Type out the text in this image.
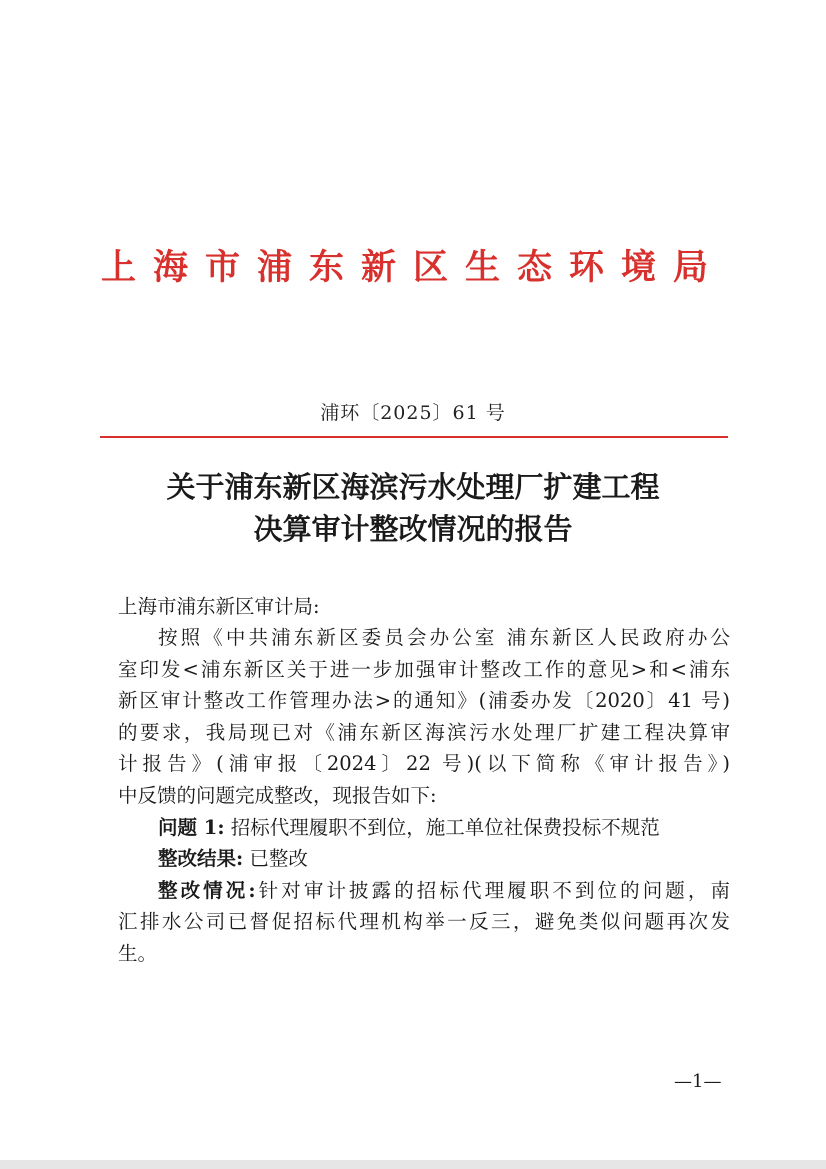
上海市浦东新区生态环境局
浦环〔2025〕61 号
关于浦东新区海滨污水处理厂扩建工程
决算审计整改情况的报告
上海市浦东新区审计局:
按照《中共浦东新区委员会办公室 浦东新区人民政府办公
室印发<浦东新区关于进一步加强审计整改工作的意见>和<浦东
新区审计整改工作管理办法>的通知》(浦委办发〔2020〕41 号)
的要求，我局现已对《浦东新区海滨污水处理厂扩建工程决算审
计报告》(浦审报〔2024〕22 号)(以下简称《审计报告》)
中反馈的问题完成整改，现报告如下:
问题 1: 招标代理履职不到位，施工单位社保费投标不规范
整改结果: 已整改
整改情况:针对审计披露的招标代理履职不到位的问题，南
汇排水公司已督促招标代理机构举一反三，避免类似问题再次发
生。
—1—
